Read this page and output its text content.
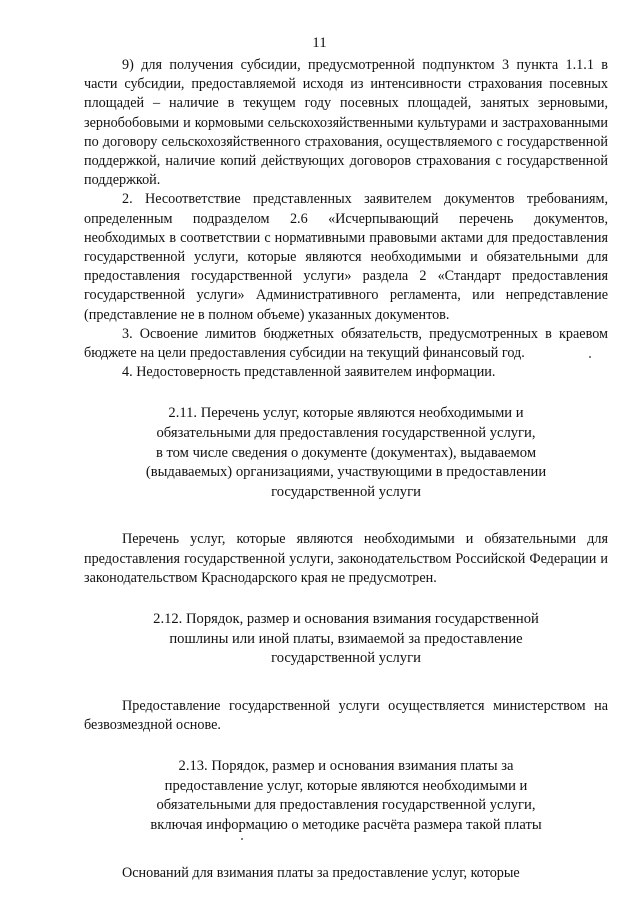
11

9) для получения субсидии, предусмотренной подпунктом 3 пункта 1.1.1 в части субсидии, предоставляемой исходя из интенсивности страхования посевных площадей – наличие в текущем году посевных площадей, занятых зерновыми, зернобобовыми и кормовыми сельскохозяйственными культурами и застрахованными по договору сельскохозяйственного страхования, осуществляемого с государственной поддержкой, наличие копий действующих договоров страхования с государственной поддержкой.

2. Несоответствие представленных заявителем документов требованиям, определенным подразделом 2.6 «Исчерпывающий перечень документов, необходимых в соответствии с нормативными правовыми актами для предоставления государственной услуги, которые являются необходимыми и обязательными для предоставления государственной услуги» раздела 2 «Стандарт предоставления государственной услуги» Административного регламента, или непредставление (представление не в полном объеме) указанных документов.

3. Освоение лимитов бюджетных обязательств, предусмотренных в краевом бюджете на цели предоставления субсидии на текущий финансовый год.

4. Недостоверность представленной заявителем информации.

2.11. Перечень услуг, которые являются необходимыми и
обязательными для предоставления государственной услуги,
в том числе сведения о документе (документах), выдаваемом
(выдаваемых) организациями, участвующими в предоставлении
государственной услуги

Перечень услуг, которые являются необходимыми и обязательными для предоставления государственной услуги, законодательством Российской Федерации и законодательством Краснодарского края не предусмотрен.

2.12. Порядок, размер и основания взимания государственной
пошлины или иной платы, взимаемой за предоставление
государственной услуги

Предоставление государственной услуги осуществляется министерством на безвозмездной основе.

2.13. Порядок, размер и основания взимания платы за
предоставление услуг, которые являются необходимыми и
обязательными для предоставления государственной услуги,
включая информацию о методике расчёта размера такой платы

Оснований для взимания платы за предоставление услуг, которые
